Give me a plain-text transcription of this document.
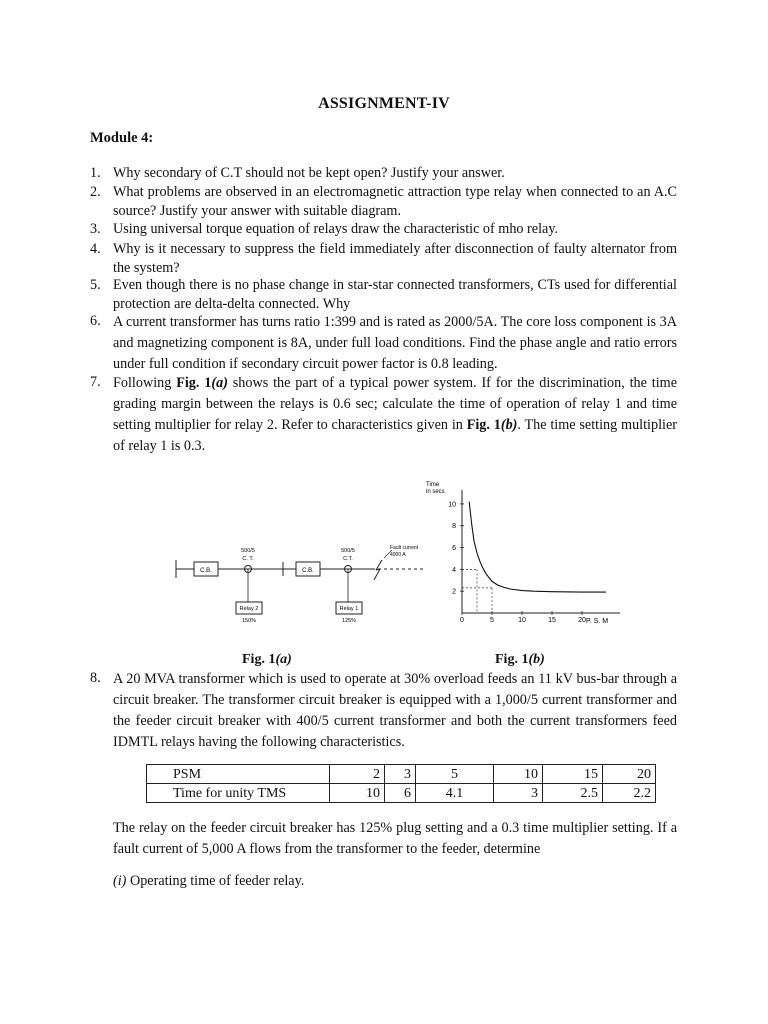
ASSIGNMENT-IV
Module 4:
1. Why secondary of C.T should not be kept open? Justify your answer.
2. What problems are observed in an electromagnetic attraction type relay when connected to an A.C source? Justify your answer with suitable diagram.
3. Using universal torque equation of relays draw the characteristic of mho relay.
4. Why is it necessary to suppress the field immediately after disconnection of faulty alternator from the system?
5. Even though there is no phase change in star-star connected transformers, CTs used for differential protection are delta-delta connected. Why
6. A current transformer has turns ratio 1:399 and is rated as 2000/5A. The core loss component is 3A and magnetizing component is 8A, under full load conditions. Find the phase angle and ratio errors under full condition if secondary circuit power factor is 0.8 leading.
7. Following Fig. 1(a) shows the part of a typical power system. If for the discrimination, the time grading margin between the relays is 0.6 sec; calculate the time of operation of relay 1 and time setting multiplier for relay 2. Refer to characteristics given in Fig. 1(b). The time setting multiplier of relay 1 is 0.3.
C.B.	C.B.
500/5
C. T.
500/5
C.T.
Fault current
4000 A
Relay 2
150%
Relay 1
125%
Time
in secs
P. S. M
0	5	10	15	20
2
4
6
8
10
Fig. 1(a)	Fig. 1(b)
8. A 20 MVA transformer which is used to operate at 30% overload feeds an 11 kV bus-bar through a circuit breaker. The transformer circuit breaker is equipped with a 1,000/5 current transformer and the feeder circuit breaker with 400/5 current transformer and both the current transformers feed IDMTL relays having the following characteristics.
PSM	2	3	5	10	15	20
Time for unity TMS	10	6	4.1	3	2.5	2.2
The relay on the feeder circuit breaker has 125% plug setting and a 0.3 time multiplier setting. If a fault current of 5,000 A flows from the transformer to the feeder, determine
(i) Operating time of feeder relay.
